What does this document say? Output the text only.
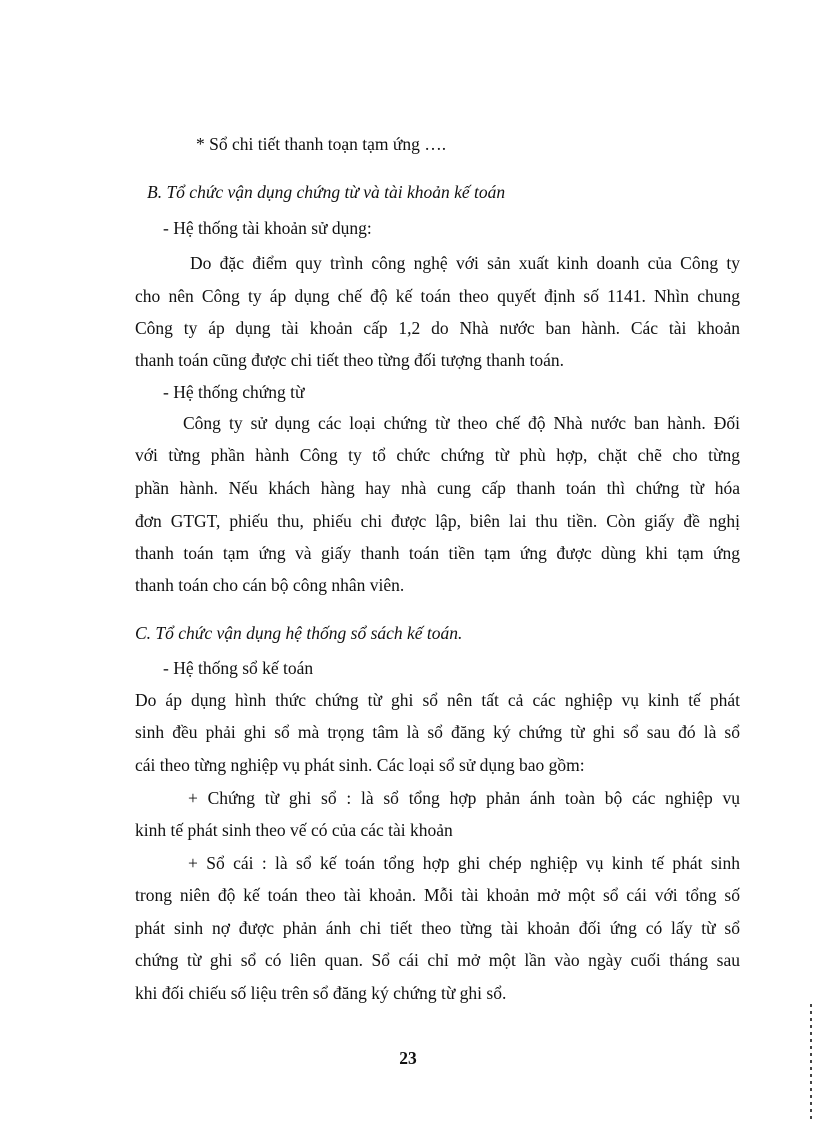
* Sổ chi tiết thanh toạn tạm ứng ….
B. Tổ chức vận dụng chứng từ và tài khoản kế toán
- Hệ thống tài khoản sử dụng:
Do đặc điểm quy trình công nghệ với sản xuất kinh doanh của Công ty
cho nên Công ty áp dụng chế độ kế toán theo quyết định số 1141. Nhìn chung
Công ty áp dụng tài khoản cấp 1,2 do Nhà nước ban hành. Các tài khoản
thanh toán cũng được chi tiết theo từng đối tượng thanh toán.
- Hệ thống chứng từ
Công ty sử dụng các loại chứng từ theo chế độ Nhà nước ban hành. Đối
với từng phần hành Công ty tổ chức chứng từ phù hợp, chặt chẽ cho từng
phần hành. Nếu khách hàng hay nhà cung cấp thanh toán thì chứng từ hóa
đơn GTGT, phiếu thu, phiếu chi được lập, biên lai thu tiền. Còn giấy đề nghị
thanh toán tạm ứng và giấy thanh toán tiền tạm ứng được dùng khi tạm ứng
thanh toán cho cán bộ công nhân viên.
C. Tổ chức vận dụng hệ thống sổ sách kế toán.
- Hệ thống sổ kế toán
Do áp dụng hình thức chứng từ ghi sổ nên tất cả các nghiệp vụ kinh tế phát
sinh đều phải ghi sổ mà trọng tâm là sổ đăng ký chứng từ ghi sổ sau đó là sổ
cái theo từng nghiệp vụ phát sinh. Các loại sổ sử dụng bao gồm:
+ Chứng từ ghi sổ : là sổ tổng hợp phản ánh toàn bộ các nghiệp vụ
kinh tế phát sinh theo vế có của các tài khoản
+ Sổ cái : là sổ kế toán tổng hợp ghi chép nghiệp vụ kinh tế phát sinh
trong niên độ kế toán theo tài khoản. Mỗi tài khoản mở một sổ cái với tổng số
phát sinh nợ được phản ánh chi tiết theo từng tài khoản đối ứng có lấy từ sổ
chứng từ ghi sổ có liên quan. Sổ cái chỉ mở một lần vào ngày cuối tháng sau
khi đối chiếu số liệu trên sổ đăng ký chứng từ ghi sổ.
23
